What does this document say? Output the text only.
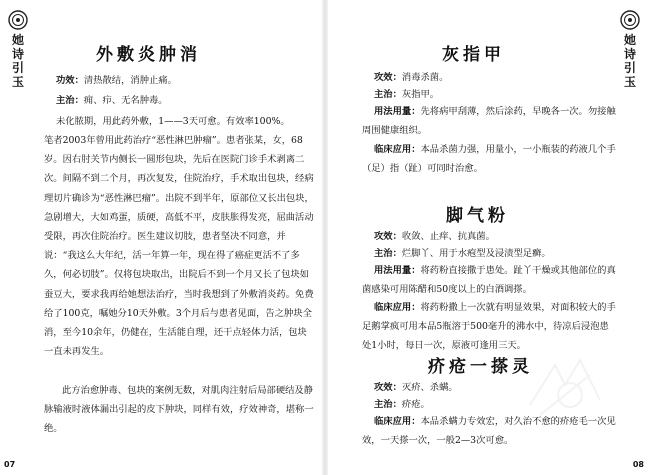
她诗引玉
外敷炎肿消

功效：清热散结，消肿止痛。

主治：痈、疖、无名肿毒。

未化脓期，用此药外敷，1——3天可愈。有效率100%。

笔者2003年曾用此药治疗“恶性淋巴肿瘤”。患者张某，女，68岁。因右肘关节内侧长一圆形包块，先后在医院门诊手术剥离二次。间隔不到二个月，再次复发，住院治疗，手术取出包块，经病理切片确诊为“恶性淋巴瘤”。出院不到半年，原部位又长出包块，急剧增大，大如鸡蛋，质硬，高低不平，皮肤胀得发亮，屈曲活动受限，再次住院治疗。医生建议切肢，患者坚决不同意，并说：“我这么大年纪，活一年算一年，现在得了癌症更活不了多久，何必切肢”。仅将包块取出，出院后不到一个月又长了包块如蚕豆大，要求我再给她想法治疗，当时我想到了外敷消炎药。免费给了100克，嘱她分10天外敷。3个月后与患者见面，告之肿块全消，至今10余年，仍健在，生活能自理，还干点轻体力活，包块一直未再发生。

此方治愈肿毒、包块的案例无数，对肌肉注射后局部硬结及静脉输液时液体漏出引起的皮下肿块，同样有效，疗效神奇，堪称一绝。

07
她诗引玉
灰指甲

攻效：消毒杀菌。

主治：灰指甲。

用法用量：先将病甲刮薄，然后涂药，早晚各一次。勿接触周围健康组织。

临床应用：本品杀菌力强，用量小，一小瓶装的药液几个手（足）指（趾）可同时治愈。

脚气粉

攻效：收敛、止痒、抗真菌。

主治：烂脚丫、用于水疱型及浸渍型足癣。

用法用量：将药粉直接撒于患处。趾丫干燥或其他部位的真菌感染可用陈醋和50度以上的白酒调搽。

临床应用：将药粉撒上一次就有明显效果，对面积较大的手足鹅掌疯可用本品5瓶溶于500毫升的沸水中，待凉后浸泡患处1小时，每日一次，原液可逢用三天。

疥疮一搽灵

攻效：灭疥、杀螨。

主治：疥疮。

临床应用：本品杀螨力专效宏，对久治不愈的疥疮毛一次见效，一天搽一次，一般2—3次可愈。

08
